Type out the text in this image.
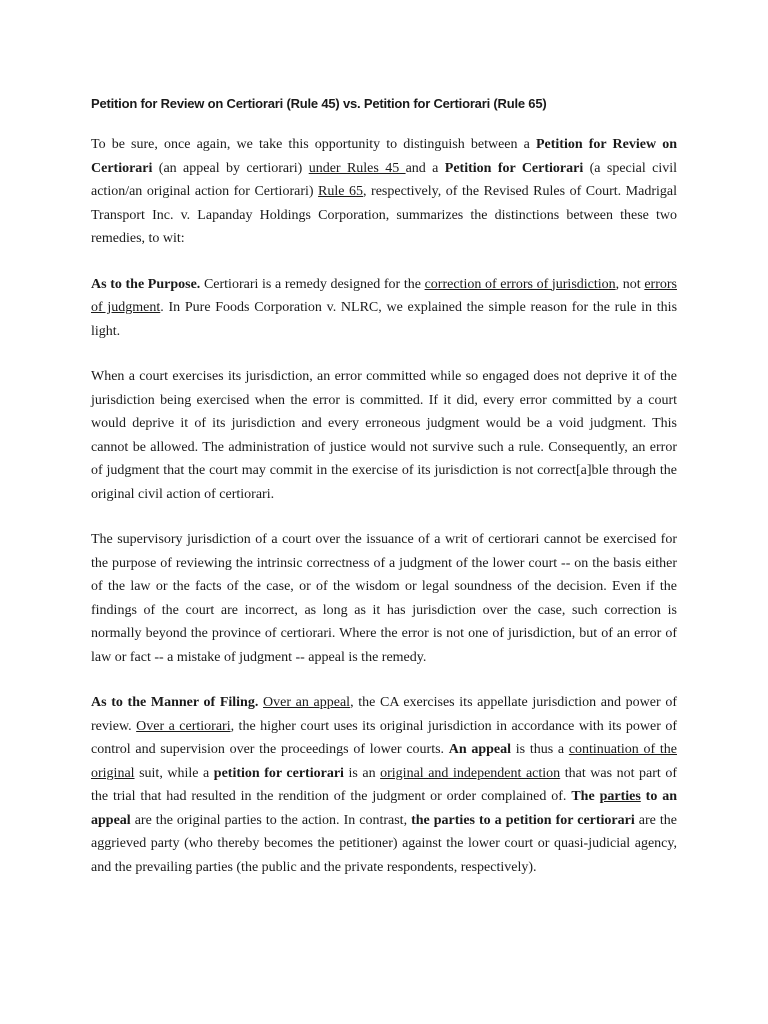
Petition for Review on Certiorari (Rule 45) vs. Petition for Certiorari (Rule 65)

To be sure, once again, we take this opportunity to distinguish between a Petition for Review on Certiorari (an appeal by certiorari) under Rules 45 and a Petition for Certiorari (a special civil action/an original action for Certiorari) Rule 65, respectively, of the Revised Rules of Court. Madrigal Transport Inc. v. Lapanday Holdings Corporation, summarizes the distinctions between these two remedies, to wit:

As to the Purpose. Certiorari is a remedy designed for the correction of errors of jurisdiction, not errors of judgment. In Pure Foods Corporation v. NLRC, we explained the simple reason for the rule in this light.

When a court exercises its jurisdiction, an error committed while so engaged does not deprive it of the jurisdiction being exercised when the error is committed. If it did, every error committed by a court would deprive it of its jurisdiction and every erroneous judgment would be a void judgment. This cannot be allowed. The administration of justice would not survive such a rule. Consequently, an error of judgment that the court may commit in the exercise of its jurisdiction is not correct[a]ble through the original civil action of certiorari.

The supervisory jurisdiction of a court over the issuance of a writ of certiorari cannot be exercised for the purpose of reviewing the intrinsic correctness of a judgment of the lower court -- on the basis either of the law or the facts of the case, or of the wisdom or legal soundness of the decision. Even if the findings of the court are incorrect, as long as it has jurisdiction over the case, such correction is normally beyond the province of certiorari. Where the error is not one of jurisdiction, but of an error of law or fact -- a mistake of judgment -- appeal is the remedy.

As to the Manner of Filing. Over an appeal, the CA exercises its appellate jurisdiction and power of review. Over a certiorari, the higher court uses its original jurisdiction in accordance with its power of control and supervision over the proceedings of lower courts. An appeal is thus a continuation of the original suit, while a petition for certiorari is an original and independent action that was not part of the trial that had resulted in the rendition of the judgment or order complained of. The parties to an appeal are the original parties to the action. In contrast, the parties to a petition for certiorari are the aggrieved party (who thereby becomes the petitioner) against the lower court or quasi-judicial agency, and the prevailing parties (the public and the private respondents, respectively).
